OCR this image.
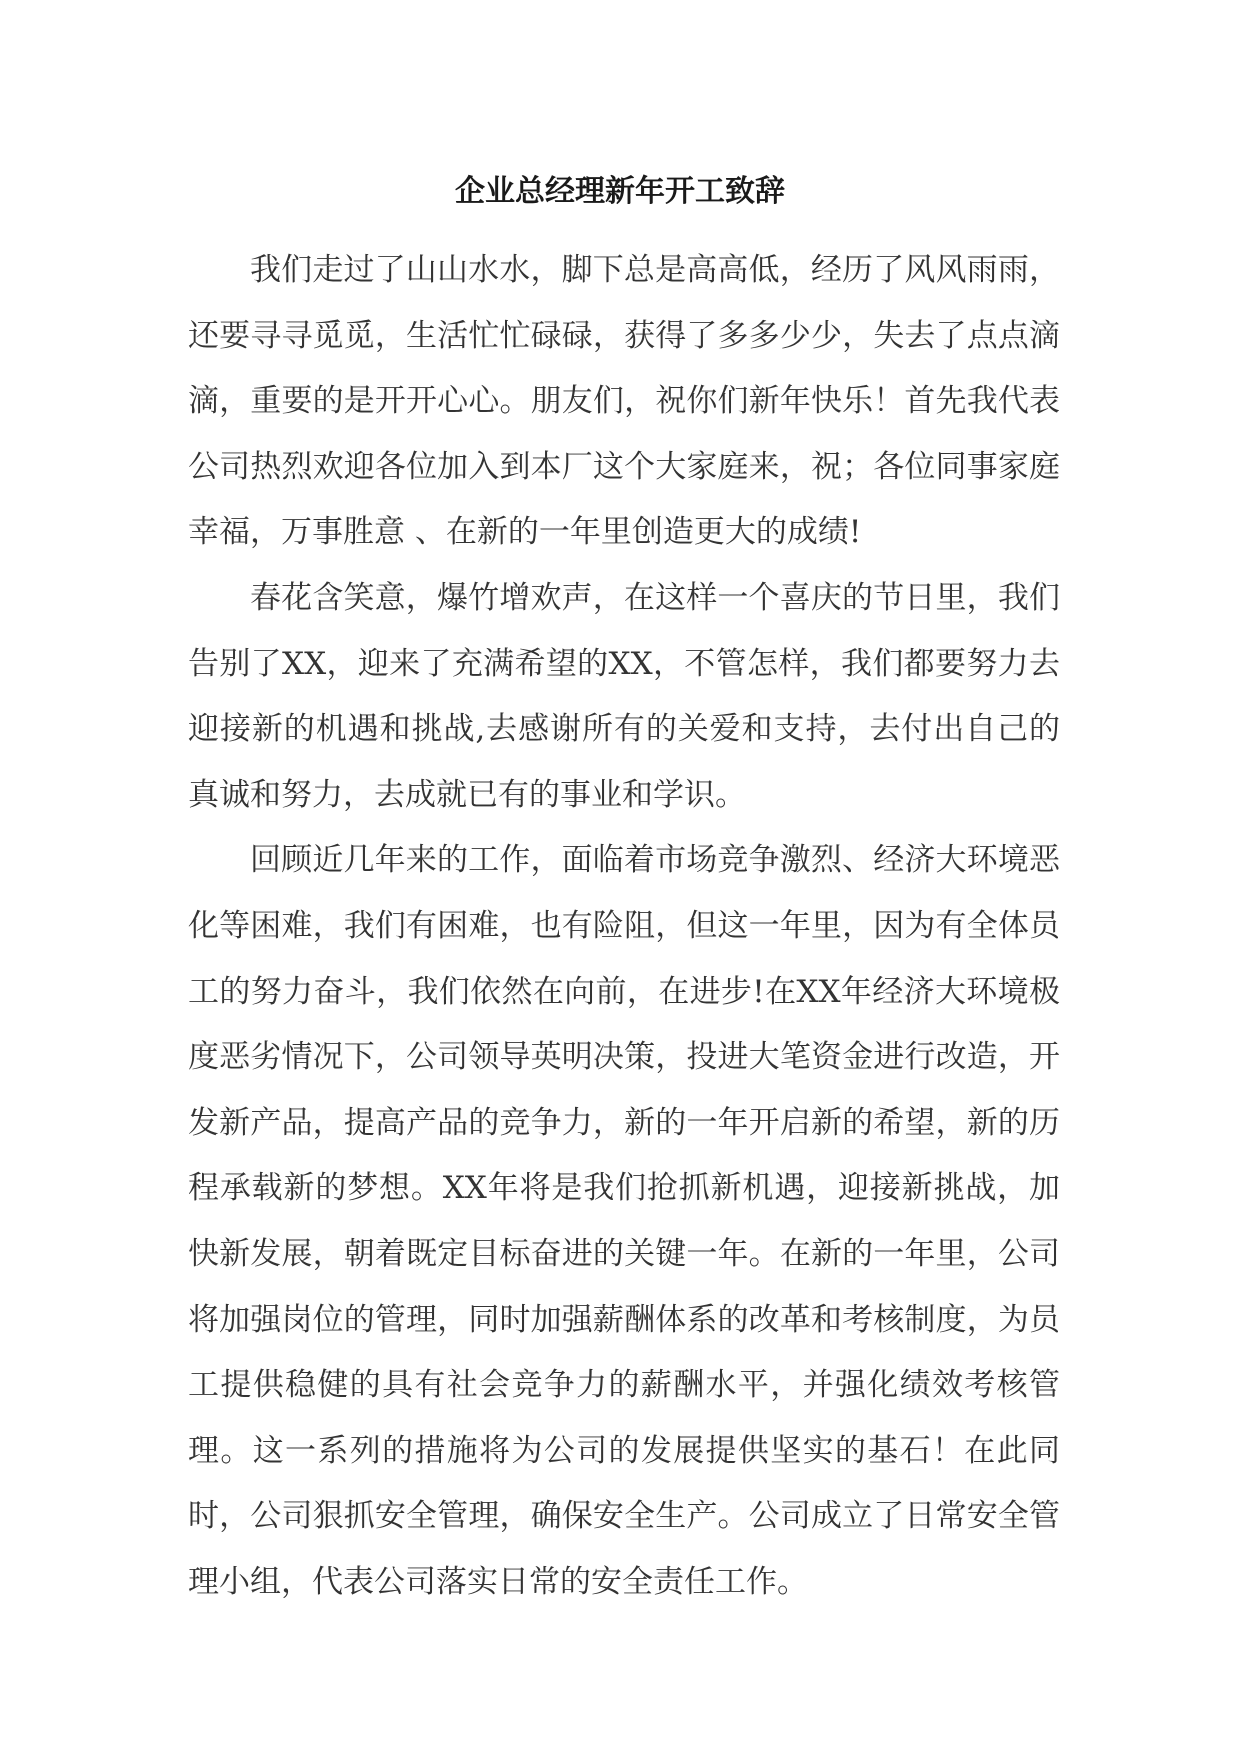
企业总经理新年开工致辞

我们走过了山山水水，脚下总是高高低，经历了风风雨雨，还要寻寻觅觅，生活忙忙碌碌，获得了多多少少，失去了点点滴滴，重要的是开开心心。朋友们，祝你们新年快乐！首先我代表公司热烈欢迎各位加入到本厂这个大家庭来，祝；各位同事家庭幸福，万事胜意 、在新的一年里创造更大的成绩!

春花含笑意，爆竹增欢声，在这样一个喜庆的节日里，我们告别了XX，迎来了充满希望的XX，不管怎样，我们都要努力去迎接新的机遇和挑战,去感谢所有的关爱和支持，去付出自己的真诚和努力，去成就已有的事业和学识。

回顾近几年来的工作，面临着市场竞争激烈、经济大环境恶化等困难，我们有困难，也有险阻，但这一年里，因为有全体员工的努力奋斗，我们依然在向前，在进步!在XX年经济大环境极度恶劣情况下，公司领导英明决策，投进大笔资金进行改造，开发新产品，提高产品的竞争力，新的一年开启新的希望，新的历程承载新的梦想。XX年将是我们抢抓新机遇，迎接新挑战，加快新发展，朝着既定目标奋进的关键一年。在新的一年里，公司将加强岗位的管理，同时加强薪酬体系的改革和考核制度，为员工提供稳健的具有社会竞争力的薪酬水平，并强化绩效考核管理。这一系列的措施将为公司的发展提供坚实的基石！在此同时，公司狠抓安全管理，确保安全生产。公司成立了日常安全管理小组，代表公司落实日常的安全责任工作。
